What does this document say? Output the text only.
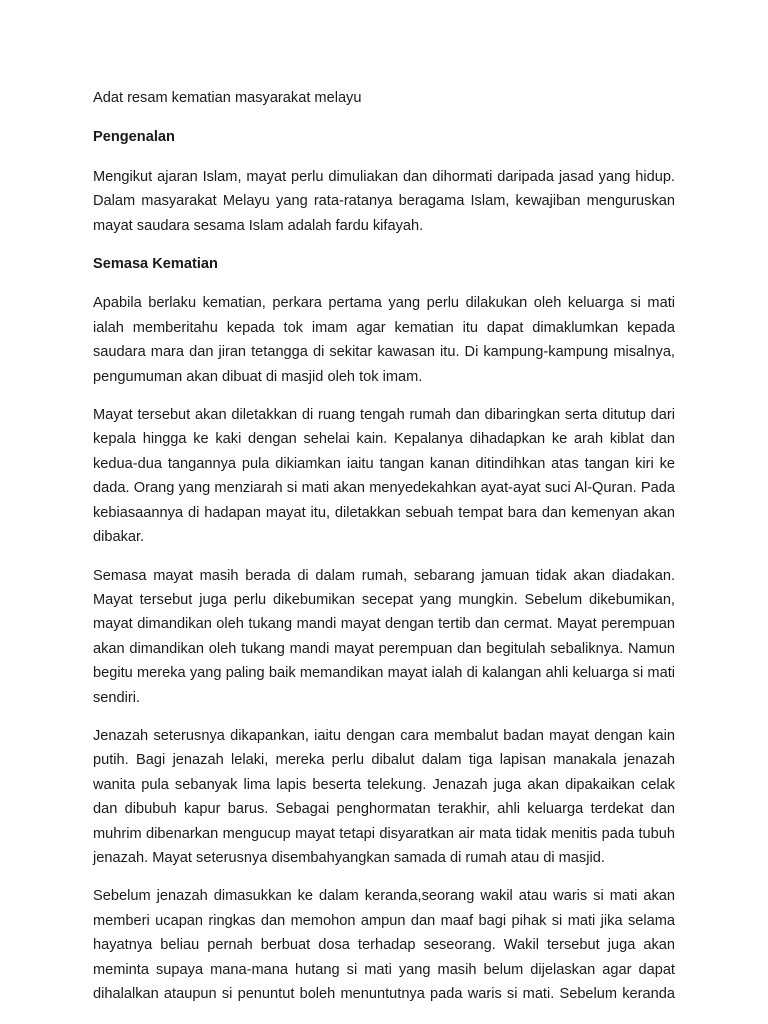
Adat resam kematian masyarakat melayu

Pengenalan

Mengikut ajaran Islam, mayat perlu dimuliakan dan dihormati daripada jasad yang hidup. Dalam masyarakat Melayu yang rata-ratanya beragama Islam, kewajiban menguruskan mayat saudara sesama Islam adalah fardu kifayah.

Semasa Kematian

Apabila berlaku kematian, perkara pertama yang perlu dilakukan oleh keluarga si mati ialah memberitahu kepada tok imam agar kematian itu dapat dimaklumkan kepada saudara mara dan jiran tetangga di sekitar kawasan itu. Di kampung-kampung misalnya, pengumuman akan dibuat di masjid oleh tok imam.

Mayat tersebut akan diletakkan di ruang tengah rumah dan dibaringkan serta ditutup dari kepala hingga ke kaki dengan sehelai kain. Kepalanya dihadapkan ke arah kiblat dan kedua-dua tangannya pula dikiamkan iaitu tangan kanan ditindihkan atas tangan kiri ke dada. Orang yang menziarah si mati akan menyedekahkan ayat-ayat suci Al-Quran. Pada kebiasaannya di hadapan mayat itu, diletakkan sebuah tempat bara dan kemenyan akan dibakar.

Semasa mayat masih berada di dalam rumah, sebarang jamuan tidak akan diadakan. Mayat tersebut juga perlu dikebumikan secepat yang mungkin. Sebelum dikebumikan, mayat dimandikan oleh tukang mandi mayat dengan tertib dan cermat. Mayat perempuan akan dimandikan oleh tukang mandi mayat perempuan dan begitulah sebaliknya. Namun begitu mereka yang paling baik memandikan mayat ialah di kalangan ahli keluarga si mati sendiri.

Jenazah seterusnya dikapankan, iaitu dengan cara membalut badan mayat dengan kain putih. Bagi jenazah lelaki, mereka perlu dibalut dalam tiga lapisan manakala jenazah wanita pula sebanyak lima lapis beserta telekung. Jenazah juga akan dipakaikan celak dan dibubuh kapur barus. Sebagai penghormatan terakhir, ahli keluarga terdekat dan muhrim dibenarkan mengucup mayat tetapi disyaratkan air mata tidak menitis pada tubuh jenazah. Mayat seterusnya disembahyangkan samada di rumah atau di masjid.

Sebelum jenazah dimasukkan ke dalam keranda,seorang wakil atau waris si mati akan memberi ucapan ringkas dan memohon ampun dan maaf bagi pihak si mati jika selama hayatnya beliau pernah berbuat dosa terhadap seseorang. Wakil tersebut juga akan meminta supaya mana-mana hutang si mati yang masih belum dijelaskan agar dapat dihalalkan ataupun si penuntut boleh menuntutnya pada waris si mati. Sebelum keranda
